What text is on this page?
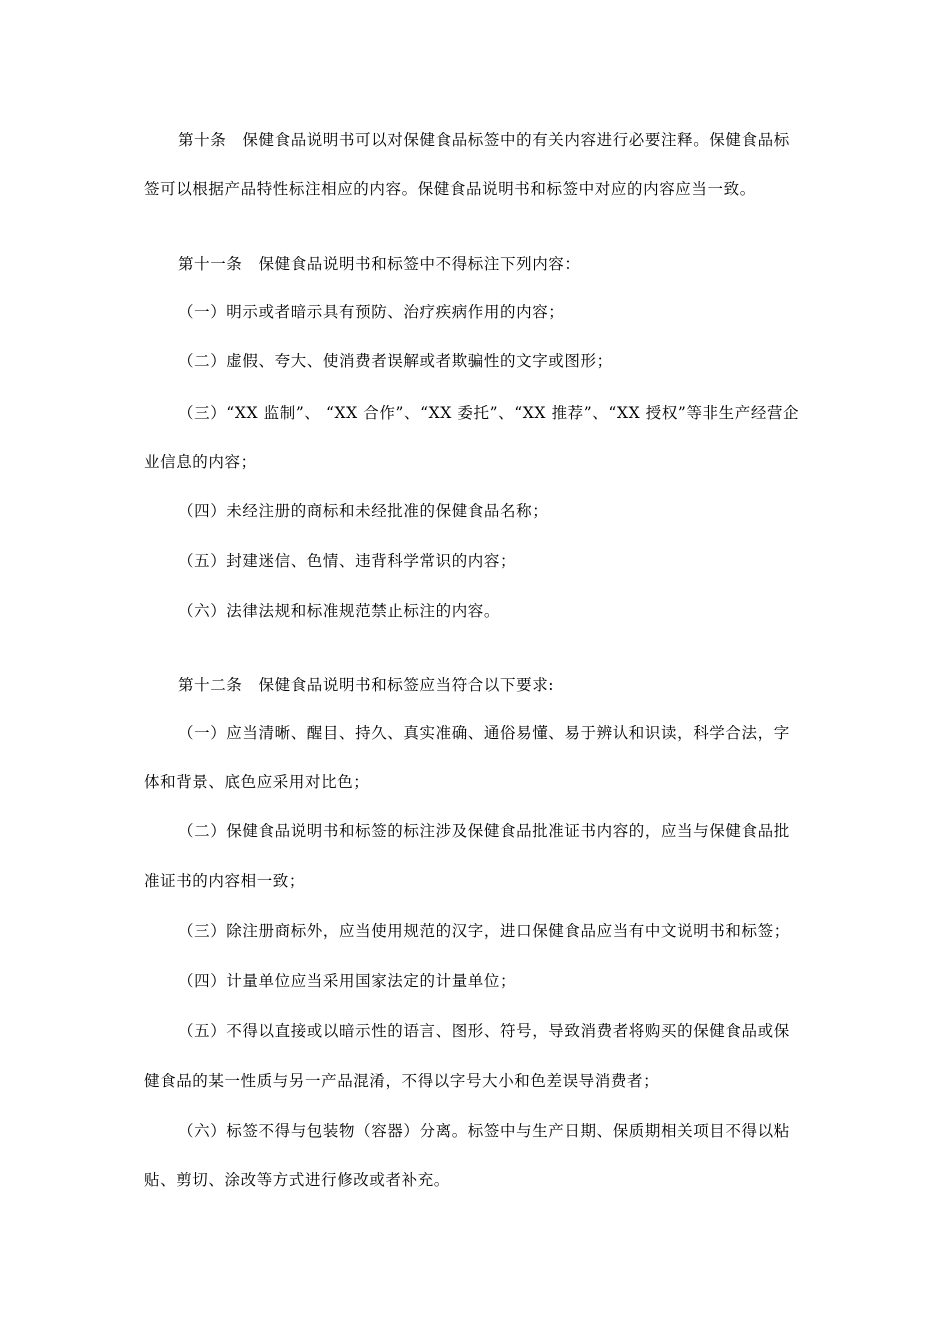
第十条　保健食品说明书可以对保健食品标签中的有关内容进行必要注释。保健食品标
签可以根据产品特性标注相应的内容。保健食品说明书和标签中对应的内容应当一致。
第十一条　保健食品说明书和标签中不得标注下列内容：
（一）明示或者暗示具有预防、治疗疾病作用的内容；
（二）虚假、夸大、使消费者误解或者欺骗性的文字或图形；
（三）“XX 监制”、 “XX 合作”、“XX 委托”、“XX 推荐”、“XX 授权”等非生产经营企
业信息的内容；
（四）未经注册的商标和未经批准的保健食品名称；
（五）封建迷信、色情、违背科学常识的内容；
（六）法律法规和标准规范禁止标注的内容。
第十二条　保健食品说明书和标签应当符合以下要求:
（一）应当清晰、醒目、持久、真实准确、通俗易懂、易于辨认和识读，科学合法，字
体和背景、底色应采用对比色；
（二）保健食品说明书和标签的标注涉及保健食品批准证书内容的，应当与保健食品批
准证书的内容相一致；
（三）除注册商标外，应当使用规范的汉字，进口保健食品应当有中文说明书和标签；
（四）计量单位应当采用国家法定的计量单位；
（五）不得以直接或以暗示性的语言、图形、符号，导致消费者将购买的保健食品或保
健食品的某一性质与另一产品混淆，不得以字号大小和色差误导消费者；
（六）标签不得与包装物（容器）分离。标签中与生产日期、保质期相关项目不得以粘
贴、剪切、涂改等方式进行修改或者补充。
